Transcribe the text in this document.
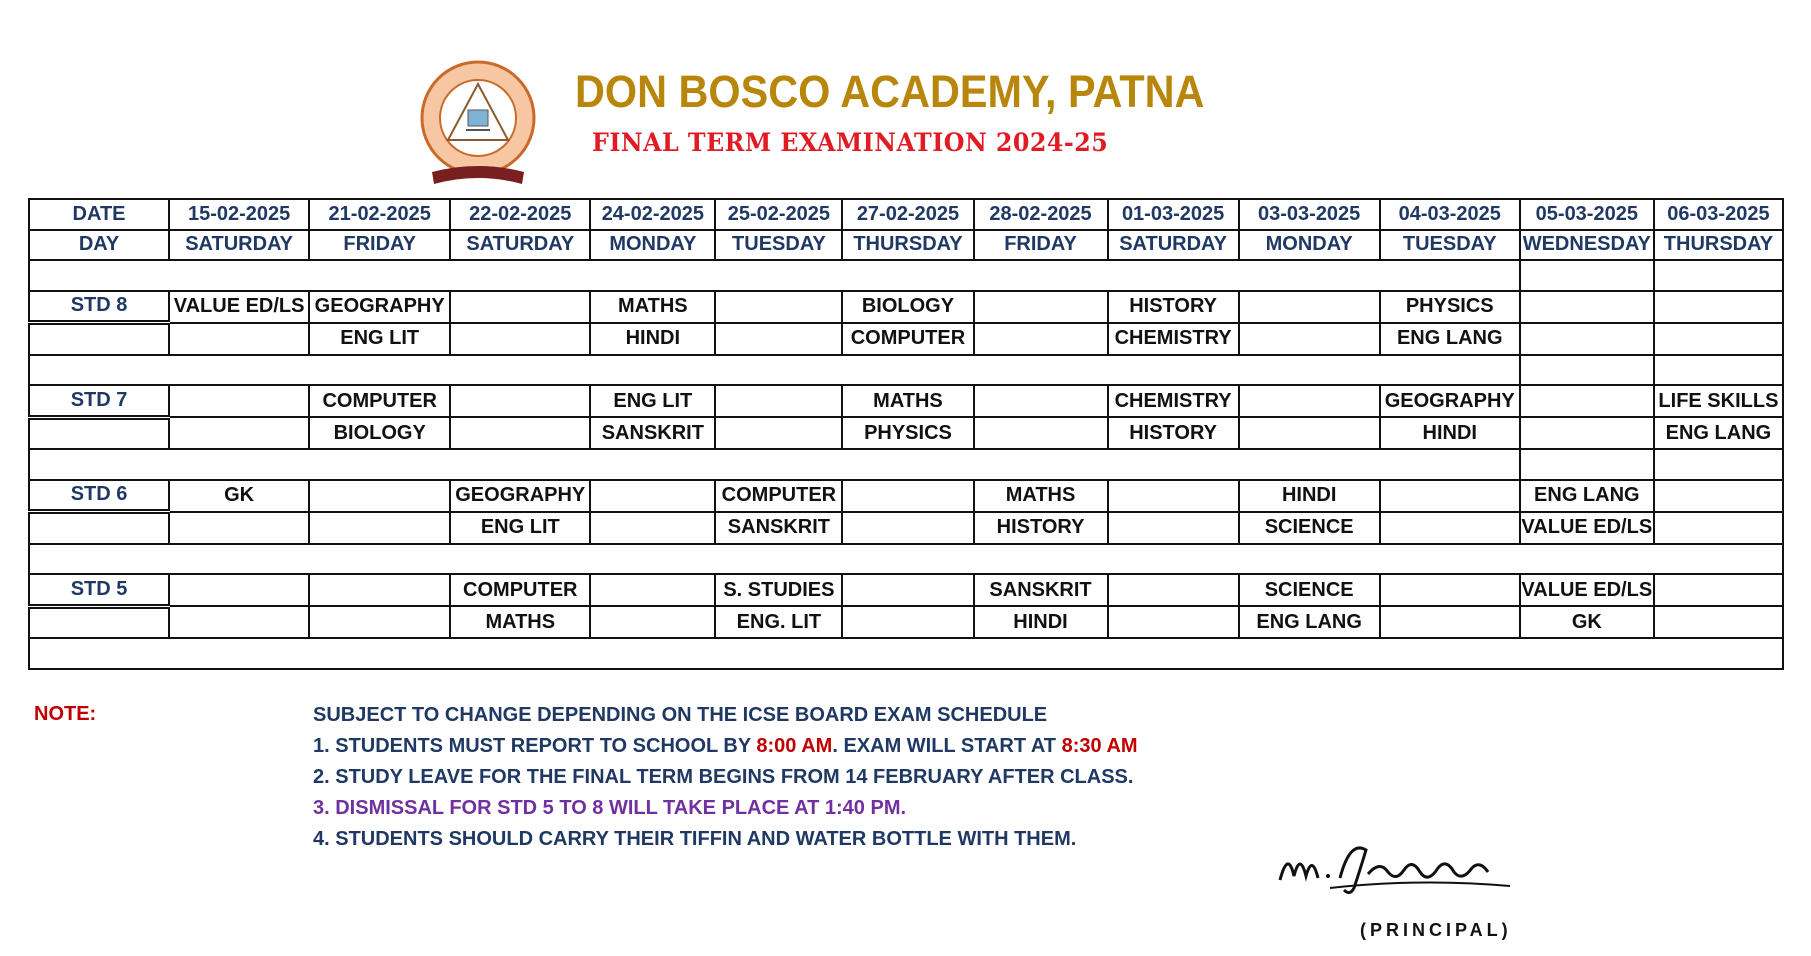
DON BOSCO ACADEMY, PATNA
FINAL TERM EXAMINATION 2024-25
DATE	15-02-2025	21-02-2025	22-02-2025	24-02-2025	25-02-2025	27-02-2025	28-02-2025	01-03-2025	03-03-2025	04-03-2025	05-03-2025	06-03-2025
DAY	SATURDAY	FRIDAY	SATURDAY	MONDAY	TUESDAY	THURSDAY	FRIDAY	SATURDAY	MONDAY	TUESDAY	WEDNESDAY	THURSDAY

STD 8	VALUE ED/LS	GEOGRAPHY		MATHS		BIOLOGY		HISTORY		PHYSICS		
		ENG LIT		HINDI		COMPUTER		CHEMISTRY		ENG LANG		

STD 7		COMPUTER		ENG LIT		MATHS		CHEMISTRY		GEOGRAPHY		LIFE SKILLS
		BIOLOGY		SANSKRIT		PHYSICS		HISTORY		HINDI		ENG LANG

STD 6	GK		GEOGRAPHY		COMPUTER		MATHS		HINDI		ENG LANG	
			ENG LIT		SANSKRIT		HISTORY		SCIENCE		VALUE ED/LS	

STD 5			COMPUTER		S. STUDIES		SANSKRIT		SCIENCE		VALUE ED/LS	
			MATHS		ENG. LIT		HINDI		ENG LANG		GK	

NOTE:	SUBJECT TO CHANGE DEPENDING ON THE ICSE BOARD EXAM SCHEDULE
1. STUDENTS MUST REPORT TO SCHOOL BY 8:00 AM. EXAM WILL START AT 8:30 AM
2. STUDY LEAVE FOR THE FINAL TERM BEGINS FROM 14 FEBRUARY AFTER CLASS.
3. DISMISSAL FOR STD 5 TO 8 WILL TAKE PLACE AT 1:40 PM.
4. STUDENTS SHOULD CARRY THEIR TIFFIN AND WATER BOTTLE WITH THEM.
(PRINCIPAL)
